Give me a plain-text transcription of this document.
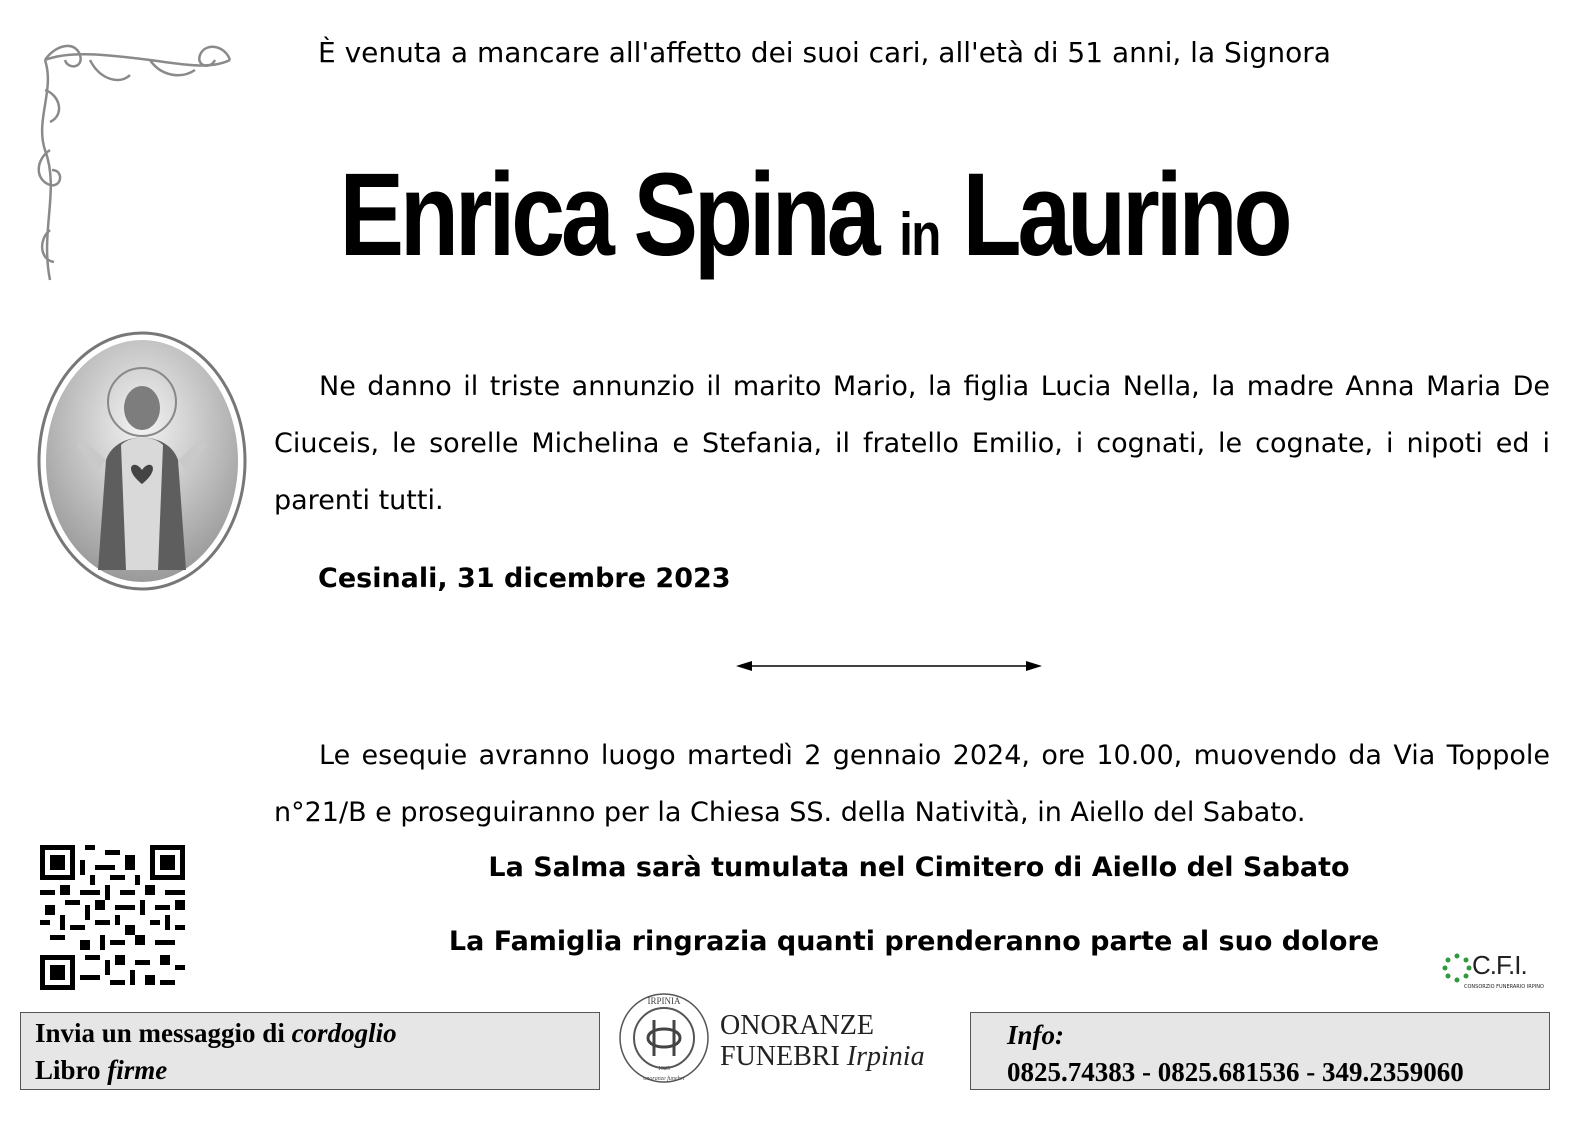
È venuta a mancare all'affetto dei suoi cari, all'età di 51 anni, la Signora
Enrica Spina in Laurino
Ne danno il triste annunzio il marito Mario, la figlia Lucia Nella, la madre Anna Maria De Ciuceis, le sorelle Michelina e Stefania, il fratello Emilio, i cognati, le cognate, i nipoti ed i parenti tutti.
Cesinali, 31 dicembre 2023
Le esequie avranno luogo martedì 2 gennaio 2024, ore 10.00, muovendo da Via Toppole n°21/B e proseguiranno per la Chiesa SS. della Natività, in Aiello del Sabato.
La Salma sarà tumulata nel Cimitero di Aiello del Sabato
La Famiglia ringrazia quanti prenderanno parte al suo dolore
C.F.I.
CONSORZIO FUNERARIO IRPINO
Invia un messaggio di cordoglio
Libro firme
IRPINIA
onoranze funebri
1925
ONORANZE
FUNEBRI Irpinia
Info:
0825.74383 - 0825.681536 - 349.2359060
